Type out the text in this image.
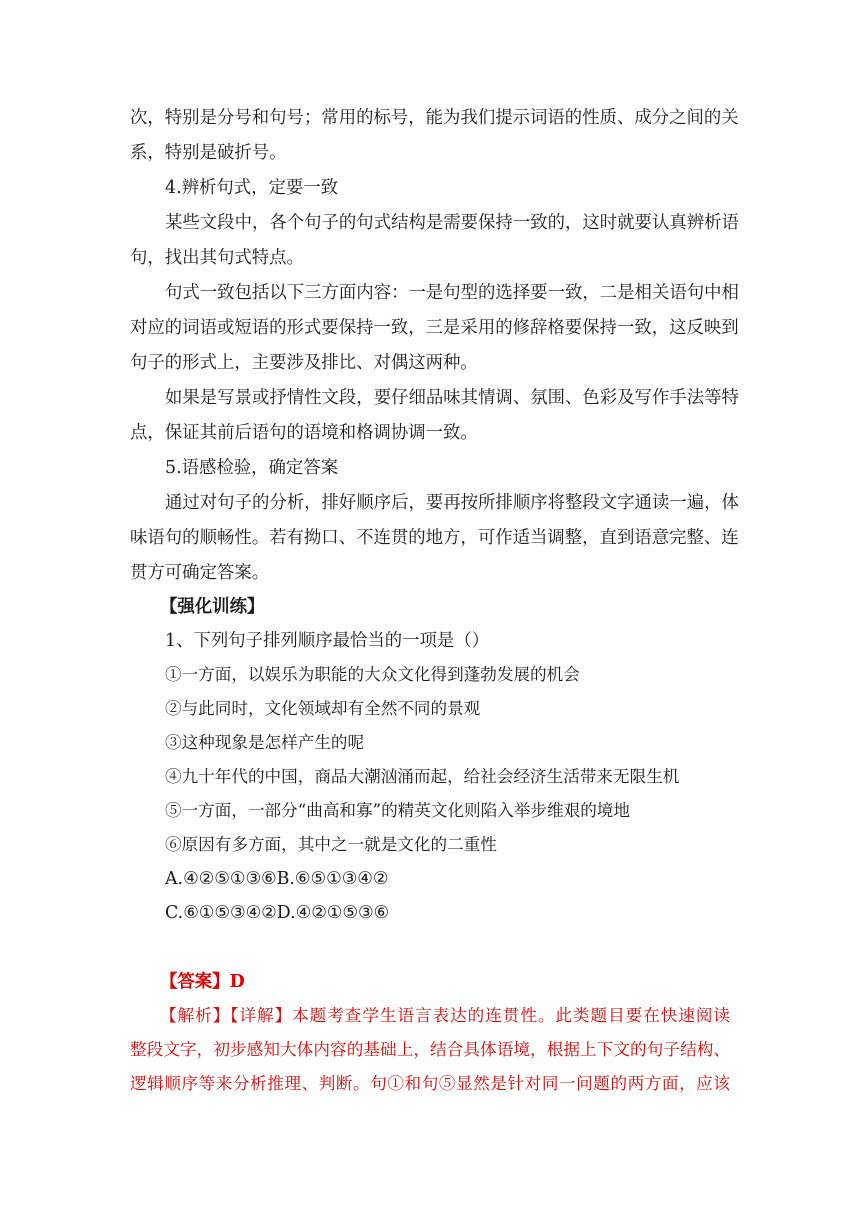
次，特别是分号和句号；常用的标号，能为我们提示词语的性质、成分之间的关
系，特别是破折号。
4.辨析句式，定要一致
某些文段中，各个句子的句式结构是需要保持一致的，这时就要认真辨析语
句，找出其句式特点。
句式一致包括以下三方面内容：一是句型的选择要一致，二是相关语句中相
对应的词语或短语的形式要保持一致，三是采用的修辞格要保持一致，这反映到
句子的形式上，主要涉及排比、对偶这两种。
如果是写景或抒情性文段，要仔细品味其情调、氛围、色彩及写作手法等特
点，保证其前后语句的语境和格调协调一致。
5.语感检验，确定答案
通过对句子的分析，排好顺序后，要再按所排顺序将整段文字通读一遍，体
味语句的顺畅性。若有拗口、不连贯的地方，可作适当调整，直到语意完整、连
贯方可确定答案。
【强化训练】
1、下列句子排列顺序最恰当的一项是（）
①一方面，以娱乐为职能的大众文化得到蓬勃发展的机会
②与此同时，文化领域却有全然不同的景观
③这种现象是怎样产生的呢
④九十年代的中国，商品大潮汹涌而起，给社会经济生活带来无限生机
⑤一方面，一部分“曲高和寡”的精英文化则陷入举步维艰的境地
⑥原因有多方面，其中之一就是文化的二重性
A.④②⑤①③⑥B.⑥⑤①③④②
C.⑥①⑤③④②D.④②①⑤③⑥
【答案】D
【解析】【详解】本题考查学生语言表达的连贯性。此类题目要在快速阅读
整段文字，初步感知大体内容的基础上，结合具体语境，根据上下文的句子结构、
逻辑顺序等来分析推理、判断。句①和句⑤显然是针对同一问题的两方面，应该
